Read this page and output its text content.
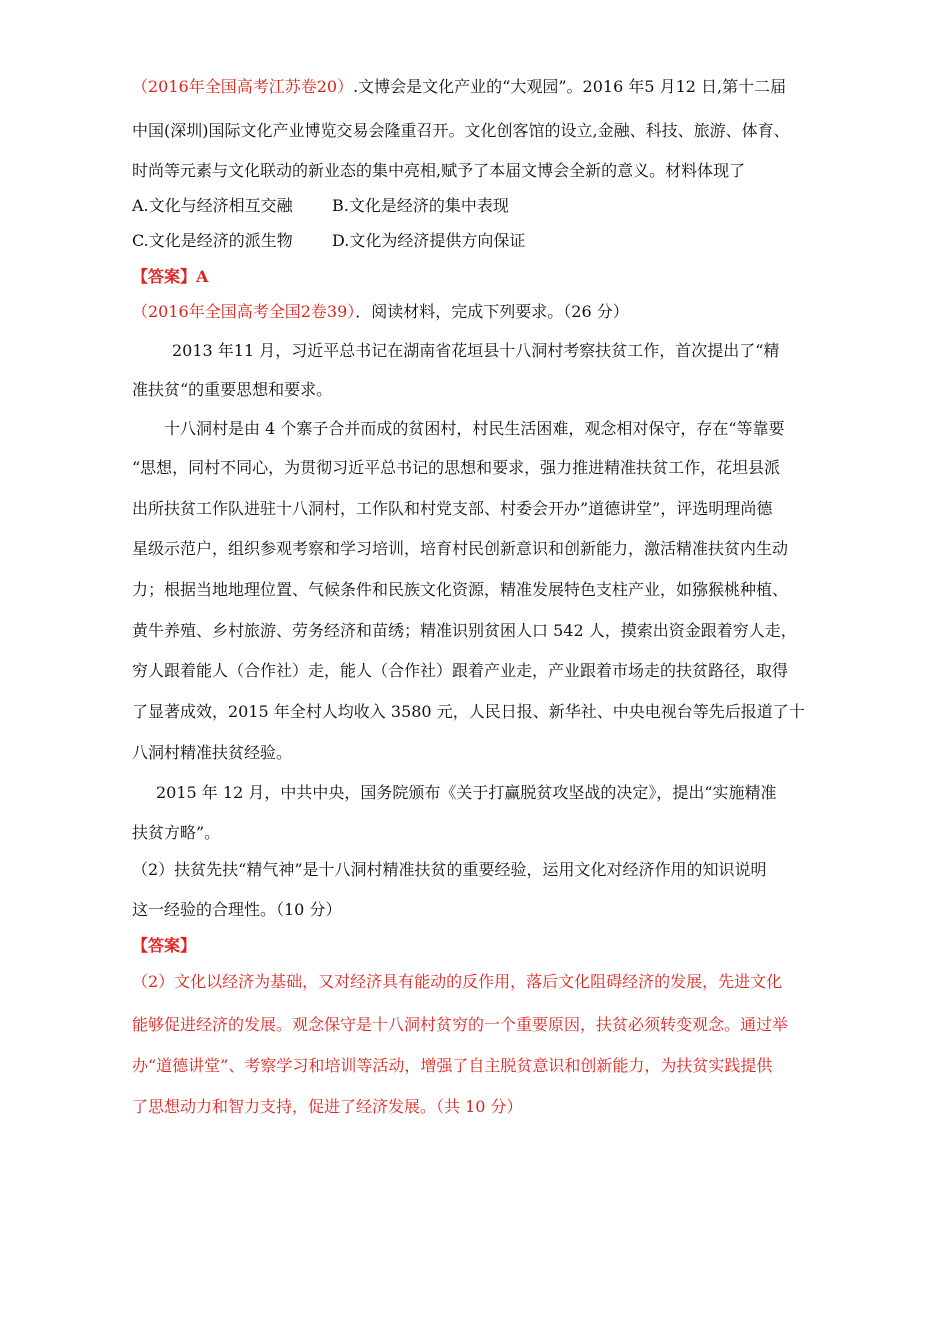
（2016年全国高考江苏卷20）.文博会是文化产业的“大观园”。2016 年5 月12 日,第十二届
中国(深圳)国际文化产业博览交易会隆重召开。文化创客馆的设立,金融、科技、旅游、体育、
时尚等元素与文化联动的新业态的集中亮相,赋予了本届文博会全新的意义。材料体现了
A.文化与经济相互交融 B.文化是经济的集中表现
C.文化是经济的派生物 D.文化为经济提供方向保证
【答案】A
（2016年全国高考全国2卷39）．阅读材料，完成下列要求。（26 分）
2013 年11 月，习近平总书记在湖南省花垣县十八洞村考察扶贫工作，首次提出了“精
准扶贫“的重要思想和要求。
十八洞村是由 4 个寨子合并而成的贫困村，村民生活困难，观念相对保守，存在“等靠要
“思想，同村不同心，为贯彻习近平总书记的思想和要求，强力推进精准扶贫工作，花坦县派
出所扶贫工作队进驻十八洞村，工作队和村党支部、村委会开办”道德讲堂”，评选明理尚德
星级示范户，组织参观考察和学习培训，培育村民创新意识和创新能力，激活精准扶贫内生动
力；根据当地地理位置、气候条件和民族文化资源，精准发展特色支柱产业，如猕猴桃种植、
黄牛养殖、乡村旅游、劳务经济和苗绣；精准识别贫困人口 542 人，摸索出资金跟着穷人走，
穷人跟着能人（合作社）走，能人（合作社）跟着产业走，产业跟着市场走的扶贫路径，取得
了显著成效，2015 年全村人均收入 3580 元，人民日报、新华社、中央电视台等先后报道了十
八洞村精准扶贫经验。
2015 年 12 月，中共中央，国务院颁布《关于打赢脱贫攻坚战的决定》，提出“实施精准
扶贫方略”。
（2）扶贫先扶“精气神”是十八洞村精准扶贫的重要经验，运用文化对经济作用的知识说明
这一经验的合理性。（10 分）
【答案】
（2）文化以经济为基础，又对经济具有能动的反作用，落后文化阻碍经济的发展，先进文化
能够促进经济的发展。观念保守是十八洞村贫穷的一个重要原因，扶贫必须转变观念。通过举
办“道德讲堂”、考察学习和培训等活动，增强了自主脱贫意识和创新能力，为扶贫实践提供
了思想动力和智力支持，促进了经济发展。（共 10 分）
